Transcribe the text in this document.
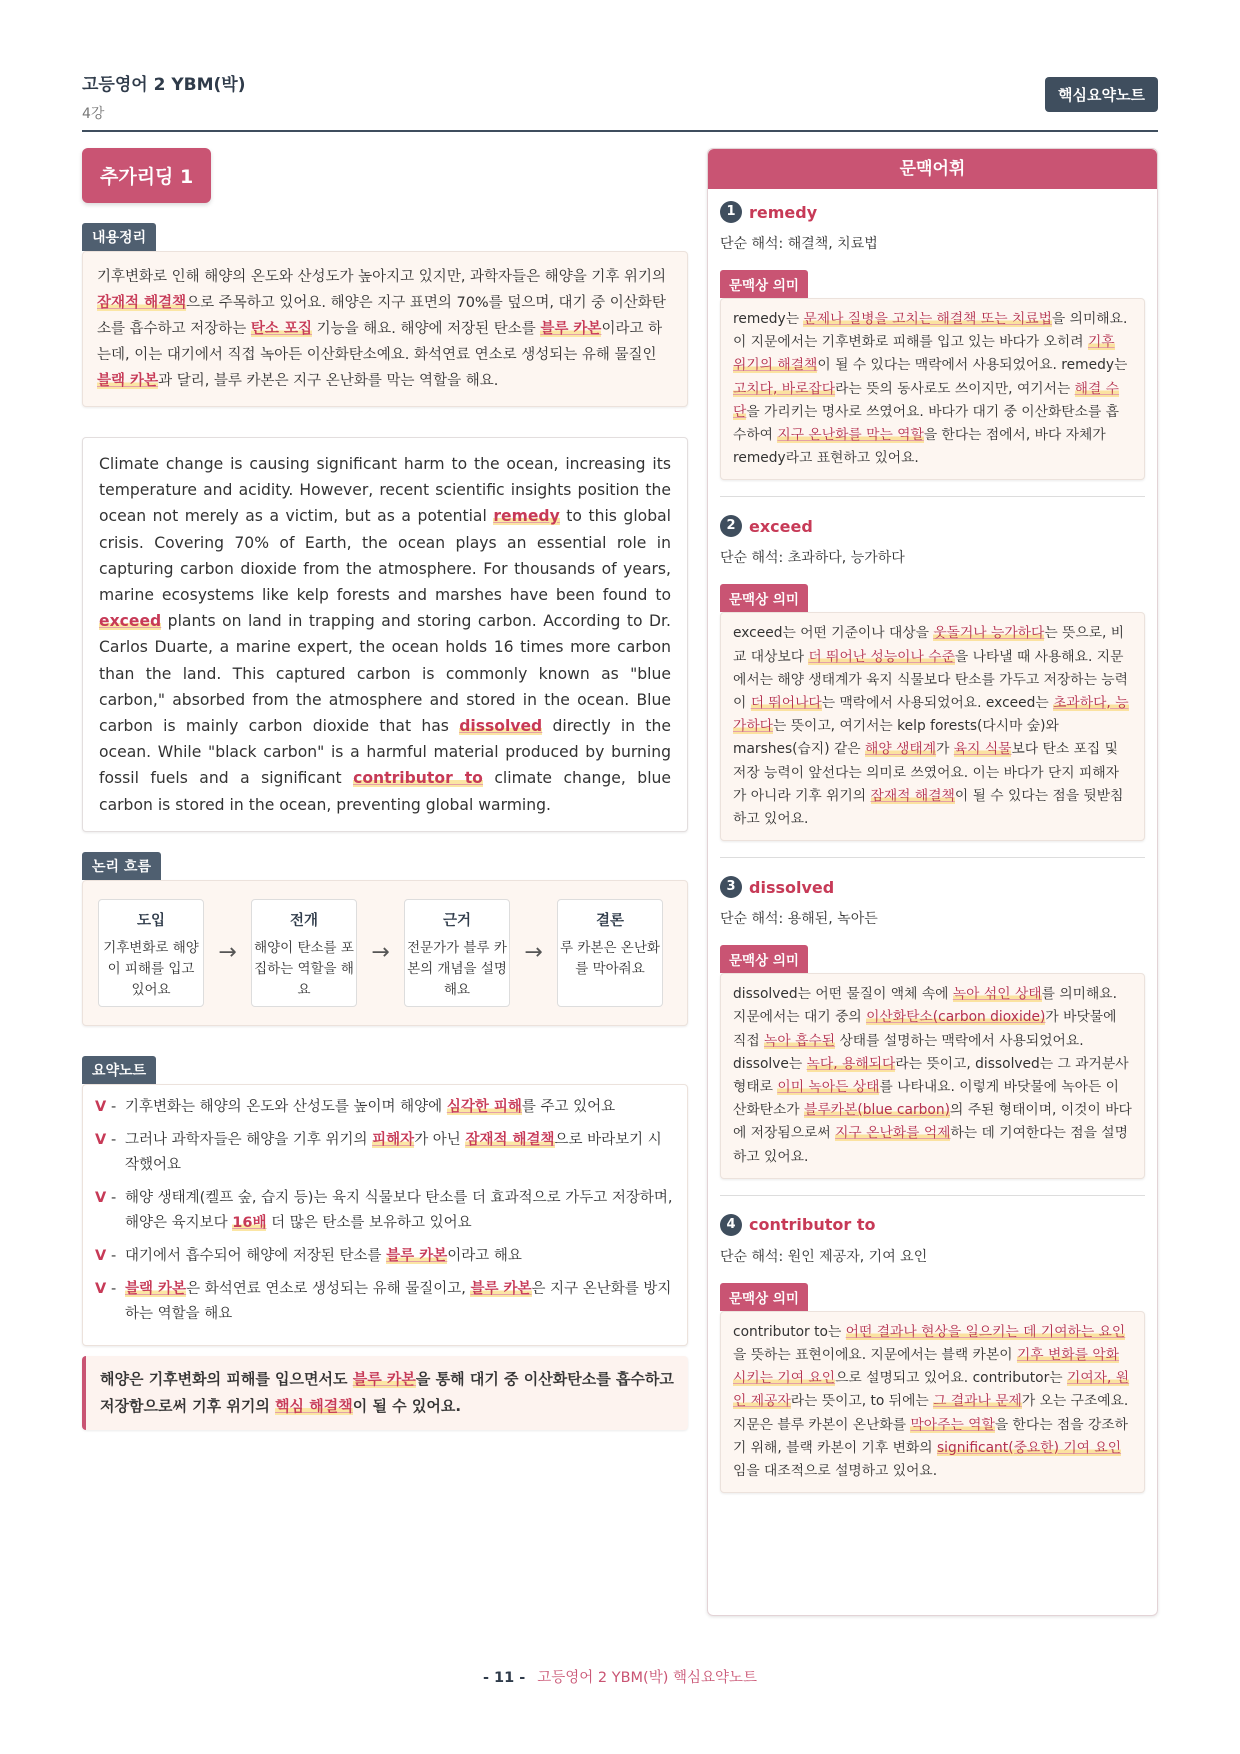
고등영어 2 YBM(박)
4강
핵심요약노트
추가리딩 1
내용정리
기후변화로 인해 해양의 온도와 산성도가 높아지고 있지만, 과학자들은 해양을 기후 위기의 잠재적 해결책으로 주목하고 있어요. 해양은 지구 표면의 70%를 덮으며, 대기 중 이산화탄소를 흡수하고 저장하는 탄소 포집 기능을 해요. 해양에 저장된 탄소를 블루 카본이라고 하는데, 이는 대기에서 직접 녹아든 이산화탄소예요. 화석연료 연소로 생성되는 유해 물질인 블랙 카본과 달리, 블루 카본은 지구 온난화를 막는 역할을 해요.
Climate change is causing significant harm to the ocean, increasing its temperature and acidity. However, recent scientific insights position the ocean not merely as a victim, but as a potential remedy to this global crisis. Covering 70% of Earth, the ocean plays an essential role in capturing carbon dioxide from the atmosphere. For thousands of years, marine ecosystems like kelp forests and marshes have been found to exceed plants on land in trapping and storing carbon. According to Dr. Carlos Duarte, a marine expert, the ocean holds 16 times more carbon than the land. This captured carbon is commonly known as "blue carbon," absorbed from the atmosphere and stored in the ocean. Blue carbon is mainly carbon dioxide that has dissolved directly in the ocean. While "black carbon" is a harmful material produced by burning fossil fuels and a significant contributor to climate change, blue carbon is stored in the ocean, preventing global warming.
논리 흐름
도입
기후변화로 해양이 피해를 입고 있어요
→
전개
해양이 탄소를 포집하는 역할을 해요
→
근거
전문가가 블루 카본의 개념을 설명해요
→
결론
루 카본은 온난화를 막아줘요
요약노트
V - 기후변화는 해양의 온도와 산성도를 높이며 해양에 심각한 피해를 주고 있어요
V - 그러나 과학자들은 해양을 기후 위기의 피해자가 아닌 잠재적 해결책으로 바라보기 시작했어요
V - 해양 생태계(켈프 숲, 습지 등)는 육지 식물보다 탄소를 더 효과적으로 가두고 저장하며, 해양은 육지보다 16배 더 많은 탄소를 보유하고 있어요
V - 대기에서 흡수되어 해양에 저장된 탄소를 블루 카본이라고 해요
V - 블랙 카본은 화석연료 연소로 생성되는 유해 물질이고, 블루 카본은 지구 온난화를 방지하는 역할을 해요
해양은 기후변화의 피해를 입으면서도 블루 카본을 통해 대기 중 이산화탄소를 흡수하고 저장함으로써 기후 위기의 핵심 해결책이 될 수 있어요.
문맥어휘
1 remedy
단순 해석: 해결책, 치료법
문맥상 의미
remedy는 문제나 질병을 고치는 해결책 또는 치료법을 의미해요. 이 지문에서는 기후변화로 피해를 입고 있는 바다가 오히려 기후 위기의 해결책이 될 수 있다는 맥락에서 사용되었어요. remedy는 고치다, 바로잡다라는 뜻의 동사로도 쓰이지만, 여기서는 해결 수단을 가리키는 명사로 쓰였어요. 바다가 대기 중 이산화탄소를 흡수하여 지구 온난화를 막는 역할을 한다는 점에서, 바다 자체가 remedy라고 표현하고 있어요.
2 exceed
단순 해석: 초과하다, 능가하다
문맥상 의미
exceed는 어떤 기준이나 대상을 웃돌거나 능가하다는 뜻으로, 비교 대상보다 더 뛰어난 성능이나 수준을 나타낼 때 사용해요. 지문에서는 해양 생태계가 육지 식물보다 탄소를 가두고 저장하는 능력이 더 뛰어나다는 맥락에서 사용되었어요. exceed는 초과하다, 능가하다는 뜻이고, 여기서는 kelp forests(다시마 숲)와 marshes(습지) 같은 해양 생태계가 육지 식물보다 탄소 포집 및 저장 능력이 앞선다는 의미로 쓰였어요. 이는 바다가 단지 피해자가 아니라 기후 위기의 잠재적 해결책이 될 수 있다는 점을 뒷받침하고 있어요.
3 dissolved
단순 해석: 용해된, 녹아든
문맥상 의미
dissolved는 어떤 물질이 액체 속에 녹아 섞인 상태를 의미해요. 지문에서는 대기 중의 이산화탄소(carbon dioxide)가 바닷물에 직접 녹아 흡수된 상태를 설명하는 맥락에서 사용되었어요. dissolve는 녹다, 용해되다라는 뜻이고, dissolved는 그 과거분사 형태로 이미 녹아든 상태를 나타내요. 이렇게 바닷물에 녹아든 이산화탄소가 블루카본(blue carbon)의 주된 형태이며, 이것이 바다에 저장됨으로써 지구 온난화를 억제하는 데 기여한다는 점을 설명하고 있어요.
4 contributor to
단순 해석: 원인 제공자, 기여 요인
문맥상 의미
contributor to는 어떤 결과나 현상을 일으키는 데 기여하는 요인을 뜻하는 표현이에요. 지문에서는 블랙 카본이 기후 변화를 악화시키는 기여 요인으로 설명되고 있어요. contributor는 기여자, 원인 제공자라는 뜻이고, to 뒤에는 그 결과나 문제가 오는 구조예요. 지문은 블루 카본이 온난화를 막아주는 역할을 한다는 점을 강조하기 위해, 블랙 카본이 기후 변화의 significant(중요한) 기여 요인임을 대조적으로 설명하고 있어요.
- 11 - 고등영어 2 YBM(박) 핵심요약노트
